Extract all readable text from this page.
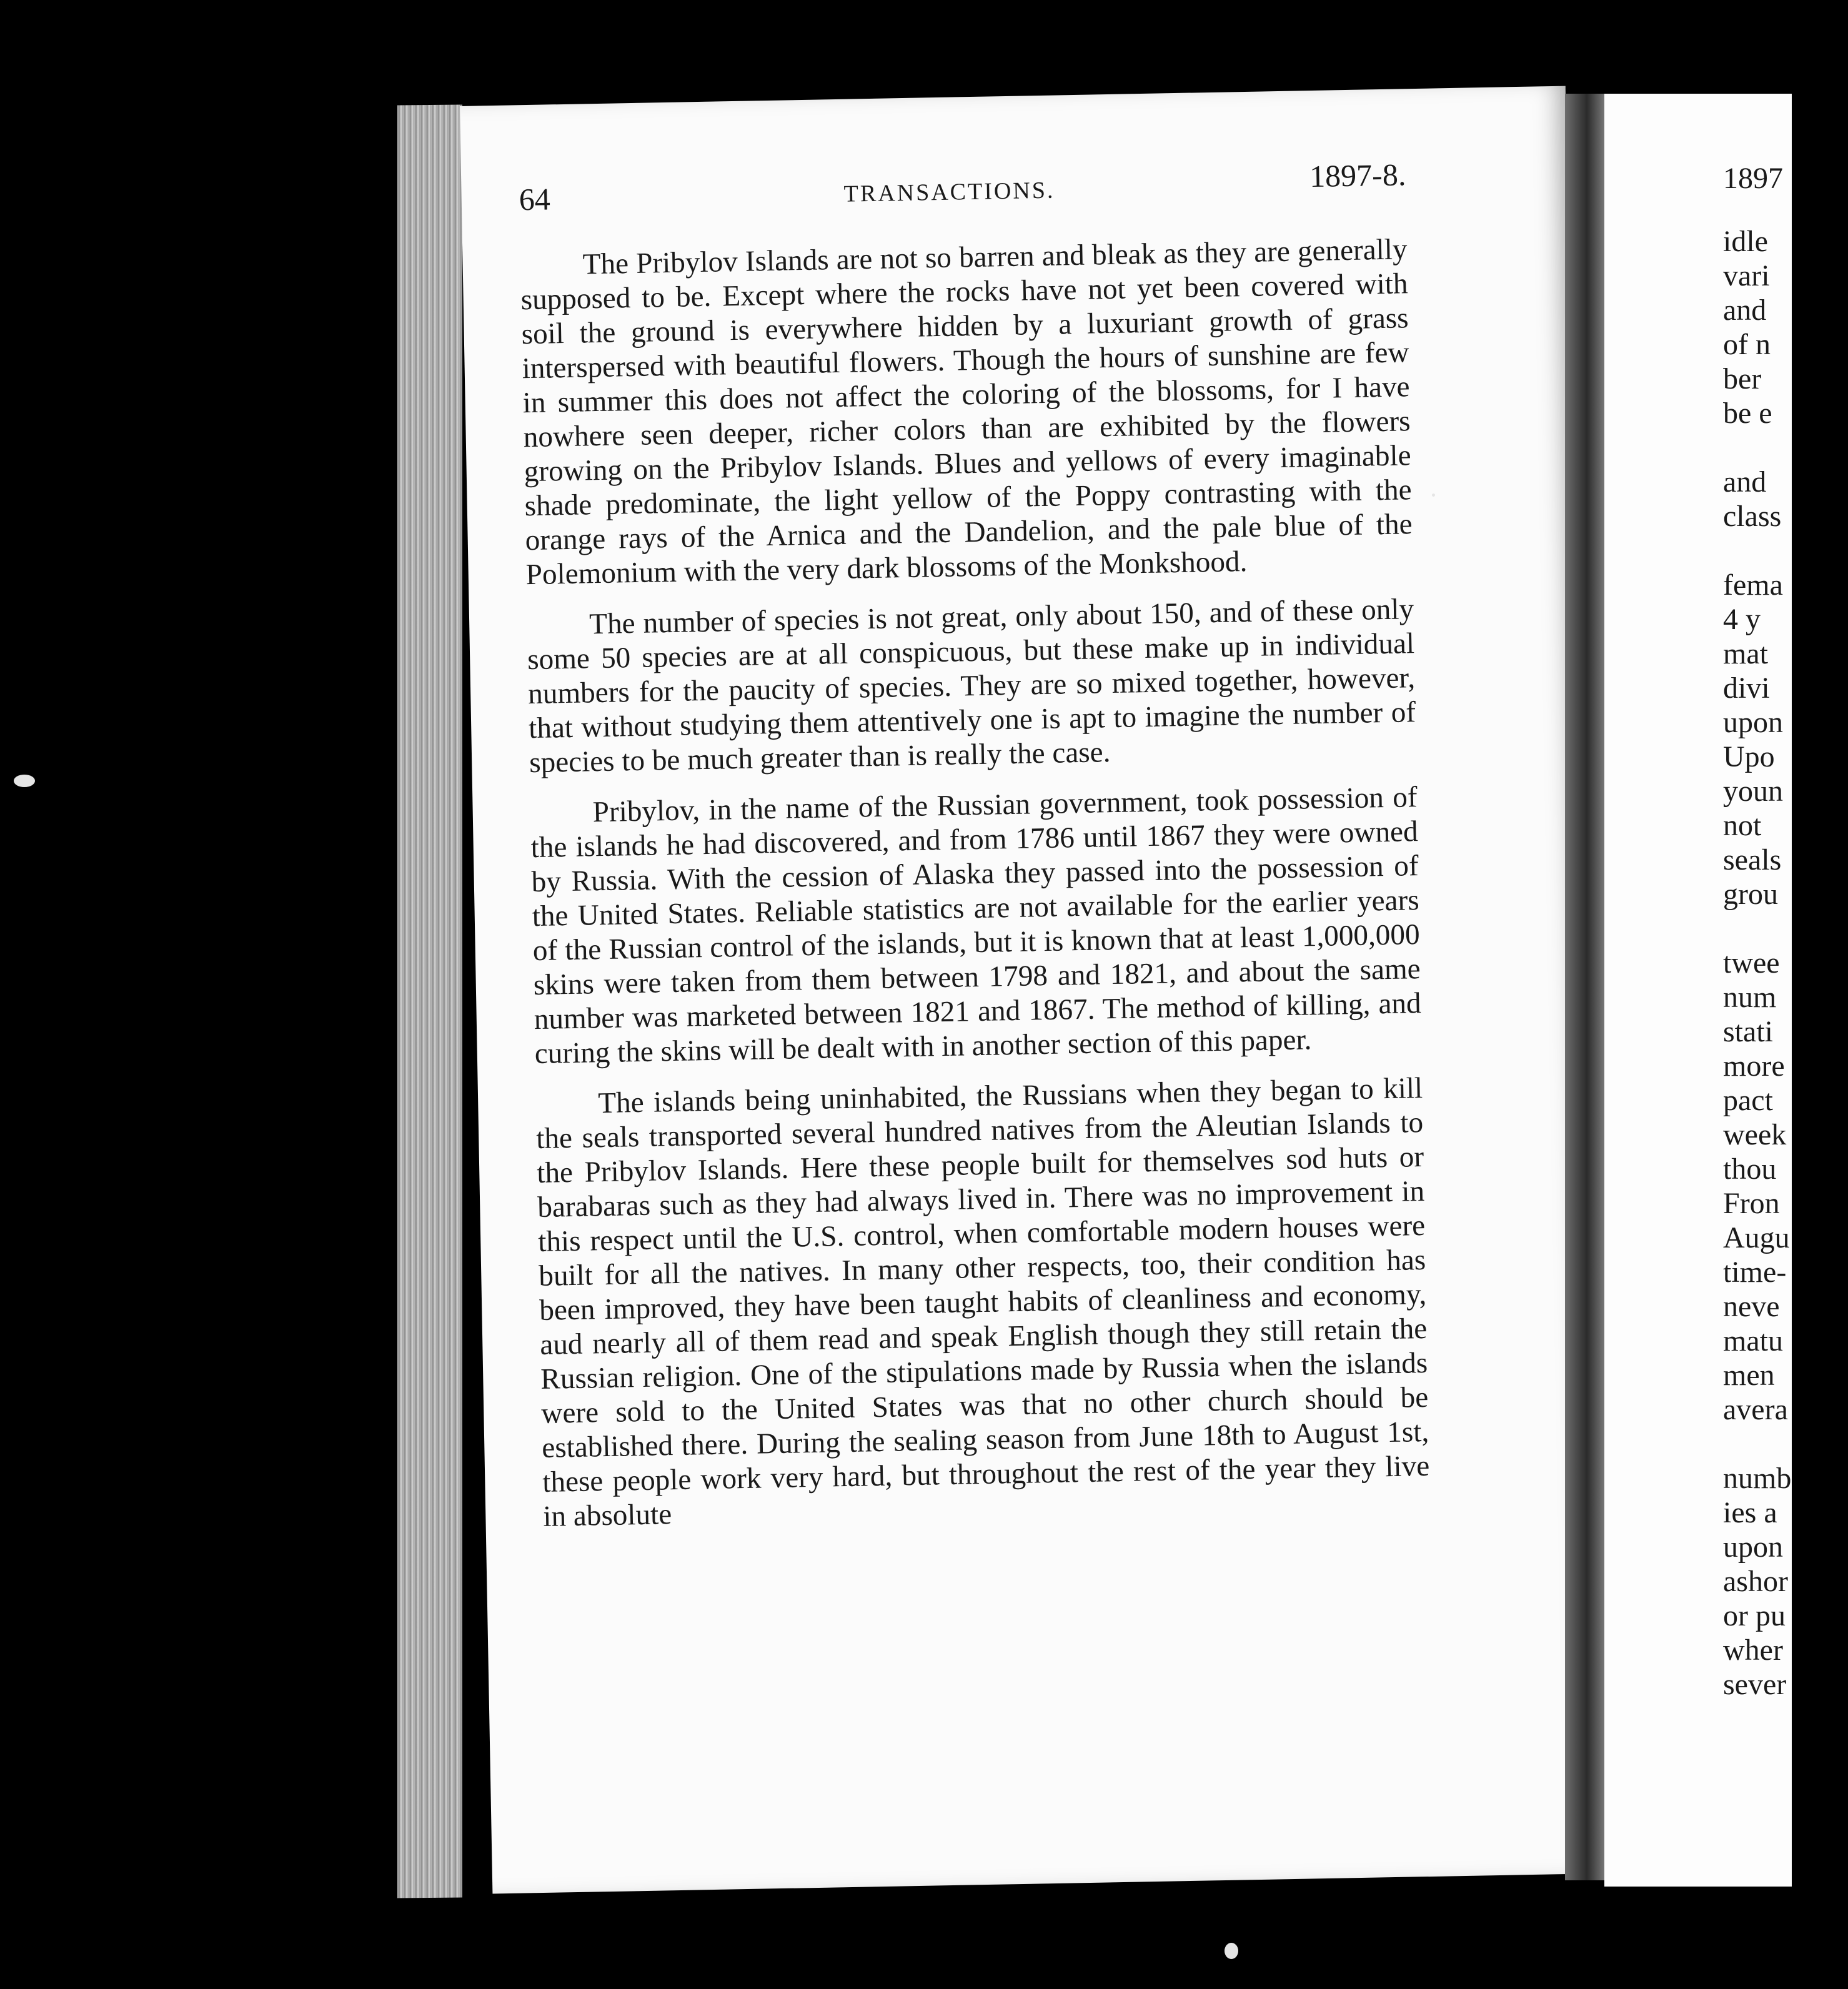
64	TRANSACTIONS.	1897-8.

The Pribylov Islands are not so barren and bleak as they are generally supposed to be. Except where the rocks have not yet been covered with soil the ground is everywhere hidden by a luxuriant growth of grass interspersed with beautiful flowers. Though the hours of sunshine are few in summer this does not affect the coloring of the blossoms, for I have nowhere seen deeper, richer colors than are exhibited by the flowers growing on the Pribylov Islands. Blues and yellows of every imaginable shade predominate, the light yellow of the Poppy contrasting with the orange rays of the Arnica and the Dandelion, and the pale blue of the Polemonium with the very dark blossoms of the Monkshood.

The number of species is not great, only about 150, and of these only some 50 species are at all conspicuous, but these make up in individual numbers for the paucity of species. They are so mixed together, however, that without studying them attentively one is apt to imagine the number of species to be much greater than is really the case.

Pribylov, in the name of the Russian government, took possession of the islands he had discovered, and from 1786 until 1867 they were owned by Russia. With the cession of Alaska they passed into the possession of the United States. Reliable statistics are not available for the earlier years of the Russian control of the islands, but it is known that at least 1,000,000 skins were taken from them between 1798 and 1821, and about the same number was marketed between 1821 and 1867. The method of killing, and curing the skins will be dealt with in another section of this paper.

The islands being uninhabited, the Russians when they began to kill the seals transported several hundred natives from the Aleutian Islands to the Pribylov Islands. Here these people built for themselves sod huts or barabaras such as they had always lived in. There was no improvement in this respect until the U.S. control, when comfortable modern houses were built for all the natives. In many other respects, too, their condition has been improved, they have been taught habits of cleanliness and economy, aud nearly all of them read and speak English though they still retain the Russian religion. One of the stipulations made by Russia when the islands were sold to the United States was that no other church should be established there. During the sealing season from June 18th to August 1st, these people work very hard, but throughout the rest of the year they live in absolute

1897
idle
vari
and
of n
ber
be e
and
class
fema
4 y
mat
divi
upon
Upo
youn
not
seals
grou
twee
num
stati
more
pact
week
thou
Fron
Augu
time-
neve
matu
men
avera
numb
ies a
upon
ashor
or pu
wher
sever
